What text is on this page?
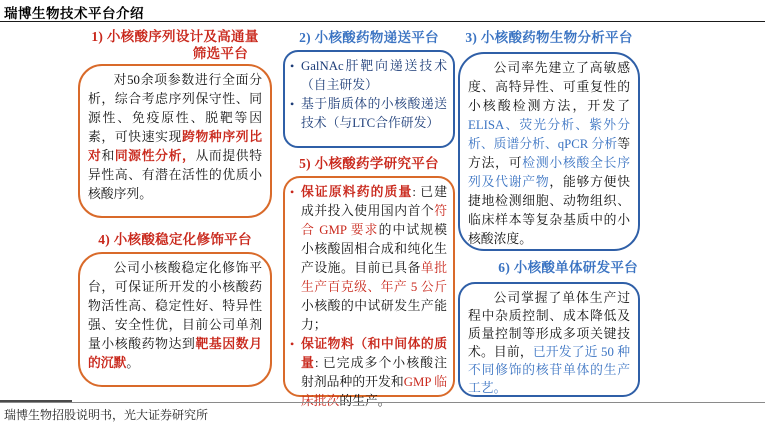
瑞博生物技术平台介绍
1) 小核酸序列设计及高通量
筛选平台
对50余项参数进行全面分析，综合考虑序列保守性、同源性、免疫原性、脱靶等因素，可快速实现跨物种序列比对和同源性分析，从而提供特异性高、有潜在活性的优质小核酸序列。
4) 小核酸稳定化修饰平台
公司小核酸稳定化修饰平台，可保证所开发的小核酸药物活性高、稳定性好、特异性强、安全性优，目前公司单剂量小核酸药物达到靶基因数月的沉默。
2) 小核酸药物递送平台
• GalNAc肝靶向递送技术（自主研发）
• 基于脂质体的小核酸递送技术（与LTC合作研发）
5) 小核酸药学研究平台
• 保证原料药的质量: 已建成并投入使用国内首个符合 GMP 要求的中试规模小核酸固相合成和纯化生产设施。目前已具备单批生产百克级、年产 5 公斤小核酸的中试研发生产能力；
• 保证物料（和中间体的质量: 已完成多个小核酸注射剂品种的开发和GMP 临床批次的生产。
3) 小核酸药物生物分析平台
公司率先建立了高敏感度、高特异性、可重复性的小核酸检测方法，开发了ELISA、荧光分析、紫外分析、质谱分析、qPCR 分析等方法，可检测小核酸全长序列及代谢产物，能够方便快捷地检测细胞、动物组织、临床样本等复杂基质中的小核酸浓度。
6) 小核酸单体研发平台
公司掌握了单体生产过程中杂质控制、成本降低及质量控制等形成多项关键技术。目前，已开发了近 50 种不同修饰的核苷单体的生产工艺。
瑞博生物招股说明书，光大证券研究所
